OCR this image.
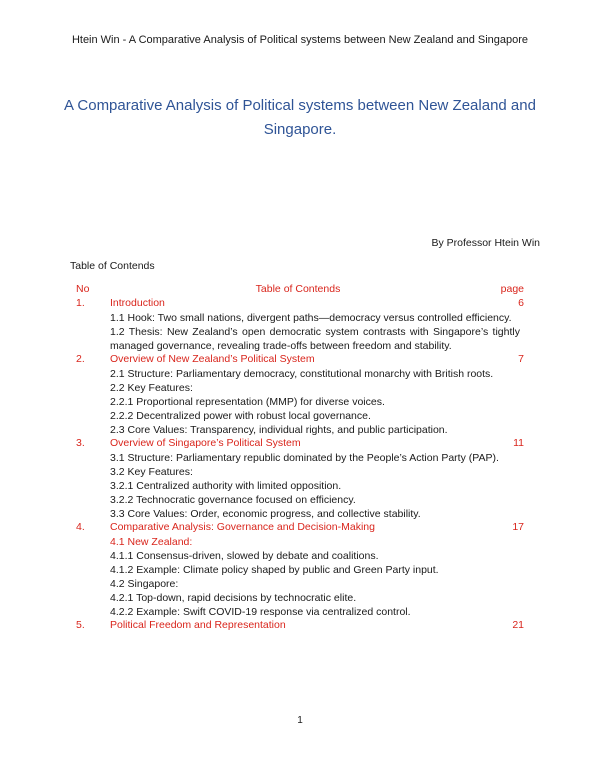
Htein Win - A Comparative Analysis of Political systems between New Zealand and Singapore
A Comparative Analysis of Political systems between New Zealand and Singapore.
By Professor Htein Win
Table of Contends
No	Table of Contends	page
1. Introduction	6
1.1 Hook: Two small nations, divergent paths—democracy versus controlled efficiency.
1.2 Thesis: New Zealand’s open democratic system contrasts with Singapore’s tightly managed governance, revealing trade-offs between freedom and stability.
2. Overview of New Zealand’s Political System	7
2.1 Structure: Parliamentary democracy, constitutional monarchy with British roots.
2.2 Key Features:
2.2.1 Proportional representation (MMP) for diverse voices.
2.2.2 Decentralized power with robust local governance.
2.3 Core Values: Transparency, individual rights, and public participation.
3. Overview of Singapore’s Political System	11
3.1 Structure: Parliamentary republic dominated by the People’s Action Party (PAP).
3.2 Key Features:
3.2.1 Centralized authority with limited opposition.
3.2.2 Technocratic governance focused on efficiency.
3.3 Core Values: Order, economic progress, and collective stability.
4. Comparative Analysis: Governance and Decision-Making	17
4.1 New Zealand:
4.1.1 Consensus-driven, slowed by debate and coalitions.
4.1.2 Example: Climate policy shaped by public and Green Party input.
4.2 Singapore:
4.2.1 Top-down, rapid decisions by technocratic elite.
4.2.2 Example: Swift COVID-19 response via centralized control.
5. Political Freedom and Representation	21
1
